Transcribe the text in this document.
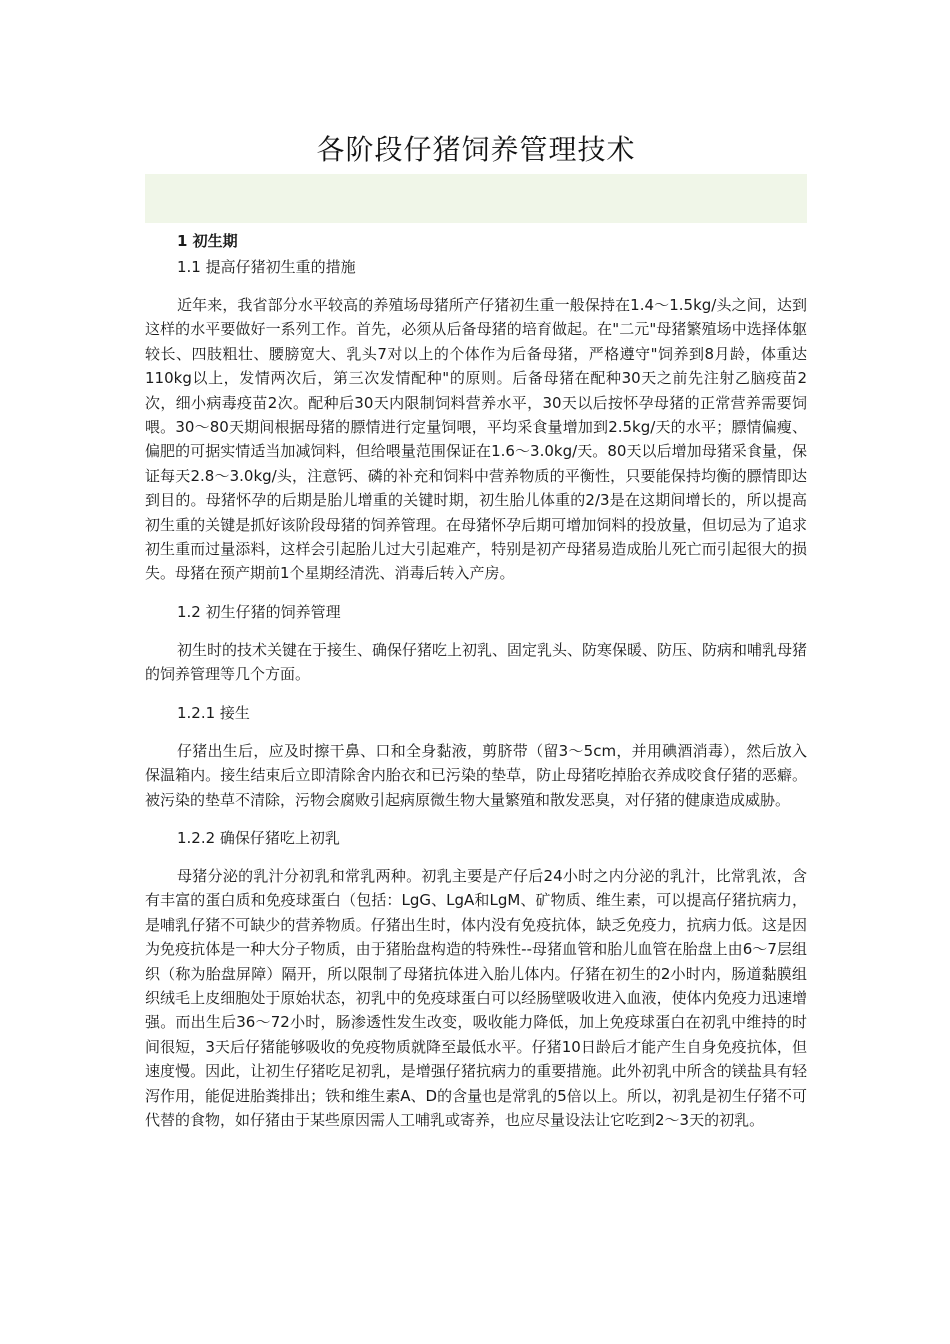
各阶段仔猪饲养管理技术
1 初生期
1.1 提高仔猪初生重的措施

近年来，我省部分水平较高的养殖场母猪所产仔猪初生重一般保持在1.4～1.5kg/头之间，达到这样的水平要做好一系列工作。首先，必须从后备母猪的培育做起。在"二元"母猪繁殖场中选择体躯较长、四肢粗壮、腰膀宽大、乳头7对以上的个体作为后备母猪，严格遵守"饲养到8月龄，体重达110kg以上，发情两次后，第三次发情配种"的原则。后备母猪在配种30天之前先注射乙脑疫苗2次，细小病毒疫苗2次。配种后30天内限制饲料营养水平，30天以后按怀孕母猪的正常营养需要饲喂。30～80天期间根据母猪的膘情进行定量饲喂，平均采食量增加到2.5kg/天的水平；膘情偏瘦、偏肥的可据实情适当加减饲料，但给喂量范围保证在1.6～3.0kg/天。80天以后增加母猪采食量，保证每天2.8～3.0kg/头，注意钙、磷的补充和饲料中营养物质的平衡性，只要能保持均衡的膘情即达到目的。母猪怀孕的后期是胎儿增重的关键时期，初生胎儿体重的2/3是在这期间增长的，所以提高初生重的关键是抓好该阶段母猪的饲养管理。在母猪怀孕后期可增加饲料的投放量，但切忌为了追求初生重而过量添料，这样会引起胎儿过大引起难产，特别是初产母猪易造成胎儿死亡而引起很大的损失。母猪在预产期前1个星期经清洗、消毒后转入产房。

1.2 初生仔猪的饲养管理

初生时的技术关键在于接生、确保仔猪吃上初乳、固定乳头、防寒保暖、防压、防病和哺乳母猪的饲养管理等几个方面。

1.2.1 接生

仔猪出生后，应及时擦干鼻、口和全身黏液，剪脐带（留3～5cm，并用碘酒消毒），然后放入保温箱内。接生结束后立即清除舍内胎衣和已污染的垫草，防止母猪吃掉胎衣养成咬食仔猪的恶癖。被污染的垫草不清除，污物会腐败引起病原微生物大量繁殖和散发恶臭，对仔猪的健康造成威胁。

1.2.2 确保仔猪吃上初乳

母猪分泌的乳汁分初乳和常乳两种。初乳主要是产仔后24小时之内分泌的乳汁，比常乳浓，含有丰富的蛋白质和免疫球蛋白（包括：LgG、LgA和LgM、矿物质、维生素，可以提高仔猪抗病力，是哺乳仔猪不可缺少的营养物质。仔猪出生时，体内没有免疫抗体，缺乏免疫力，抗病力低。这是因为免疫抗体是一种大分子物质，由于猪胎盘构造的特殊性--母猪血管和胎儿血管在胎盘上由6～7层组织（称为胎盘屏障）隔开，所以限制了母猪抗体进入胎儿体内。仔猪在初生的2小时内，肠道黏膜组织绒毛上皮细胞处于原始状态，初乳中的免疫球蛋白可以经肠壁吸收进入血液，使体内免疫力迅速增强。而出生后36～72小时，肠渗透性发生改变，吸收能力降低，加上免疫球蛋白在初乳中维持的时间很短，3天后仔猪能够吸收的免疫物质就降至最低水平。仔猪10日龄后才能产生自身免疫抗体，但速度慢。因此，让初生仔猪吃足初乳，是增强仔猪抗病力的重要措施。此外初乳中所含的镁盐具有轻泻作用，能促进胎粪排出；铁和维生素A、D的含量也是常乳的5倍以上。所以，初乳是初生仔猪不可代替的食物，如仔猪由于某些原因需人工哺乳或寄养，也应尽量设法让它吃到2～3天的初乳。
